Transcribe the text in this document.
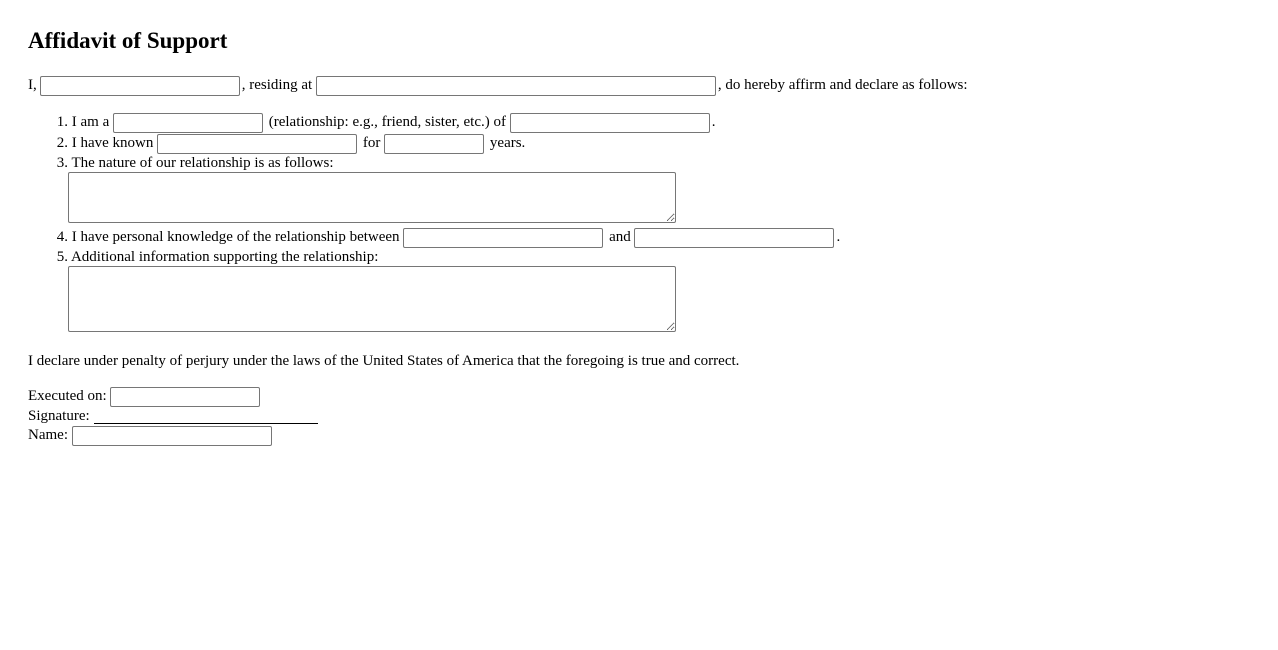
Affidavit of Support
I,	, residing at	, do hereby affirm and declare as follows:
1. I am a	(relationship: e.g., friend, sister, etc.) of	.
2. I have known	for	years.
3. The nature of our relationship is as follows:
4. I have personal knowledge of the relationship between	and	.
5. Additional information supporting the relationship:
I declare under penalty of perjury under the laws of the United States of America that the foregoing is true and correct.
Executed on:
Signature:
Name:
